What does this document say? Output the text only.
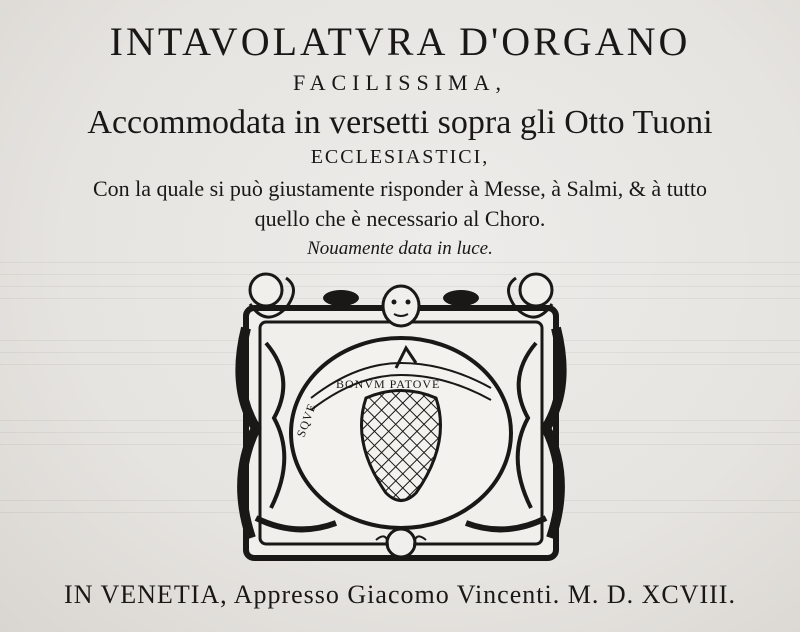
INTAVOLATVRA D'ORGANO
FACILISSIMA,
Accommodata in versetti sopra gli Otto Tuoni
ECCLESIASTICI,
Con la quale si può giustamente risponder à Messe, à Salmi, & à tutto
quello che è necessario al Choro.
Nouamente data in luce.
BONVM PATOVE
SQVE
IN VENETIA, Appresso Giacomo Vincenti. M. D. XCVIII.
